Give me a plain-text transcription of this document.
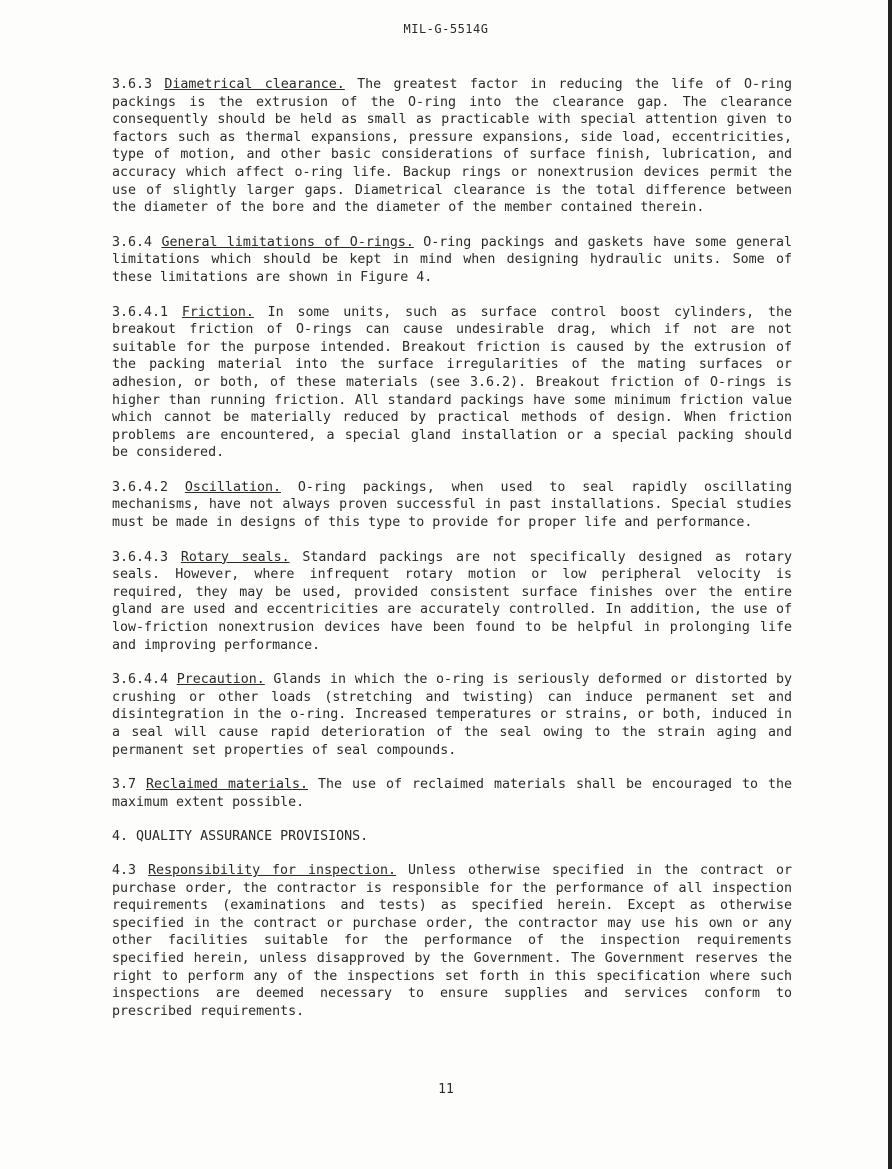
MIL-G-5514G

3.6.3 Diametrical clearance. The greatest factor in reducing the life of O-ring packings is the extrusion of the O-ring into the clearance gap. The clearance consequently should be held as small as practicable with special attention given to factors such as thermal expansions, pressure expansions, side load, eccentricities, type of motion, and other basic considerations of surface finish, lubrication, and accuracy which affect o-ring life. Backup rings or nonextrusion devices permit the use of slightly larger gaps. Diametrical clearance is the total difference between the diameter of the bore and the diameter of the member contained therein.

3.6.4 General limitations of O-rings. O-ring packings and gaskets have some general limitations which should be kept in mind when designing hydraulic units. Some of these limitations are shown in Figure 4.

3.6.4.1 Friction. In some units, such as surface control boost cylinders, the breakout friction of O-rings can cause undesirable drag, which if not are not suitable for the purpose intended. Breakout friction is caused by the extrusion of the packing material into the surface irregularities of the mating surfaces or adhesion, or both, of these materials (see 3.6.2). Breakout friction of O-rings is higher than running friction. All standard packings have some minimum friction value which cannot be materially reduced by practical methods of design. When friction problems are encountered, a special gland installation or a special packing should be considered.

3.6.4.2 Oscillation. O-ring packings, when used to seal rapidly oscillating mechanisms, have not always proven successful in past installations. Special studies must be made in designs of this type to provide for proper life and performance.

3.6.4.3 Rotary seals. Standard packings are not specifically designed as rotary seals. However, where infrequent rotary motion or low peripheral velocity is required, they may be used, provided consistent surface finishes over the entire gland are used and eccentricities are accurately controlled. In addition, the use of low-friction nonextrusion devices have been found to be helpful in prolonging life and improving performance.

3.6.4.4 Precaution. Glands in which the o-ring is seriously deformed or distorted by crushing or other loads (stretching and twisting) can induce permanent set and disintegration in the o-ring. Increased temperatures or strains, or both, induced in a seal will cause rapid deterioration of the seal owing to the strain aging and permanent set properties of seal compounds.

3.7 Reclaimed materials. The use of reclaimed materials shall be encouraged to the maximum extent possible.

4. QUALITY ASSURANCE PROVISIONS.

4.3 Responsibility for inspection. Unless otherwise specified in the contract or purchase order, the contractor is responsible for the performance of all inspection requirements (examinations and tests) as specified herein. Except as otherwise specified in the contract or purchase order, the contractor may use his own or any other facilities suitable for the performance of the inspection requirements specified herein, unless disapproved by the Government. The Government reserves the right to perform any of the inspections set forth in this specification where such inspections are deemed necessary to ensure supplies and services conform to prescribed requirements.

11
